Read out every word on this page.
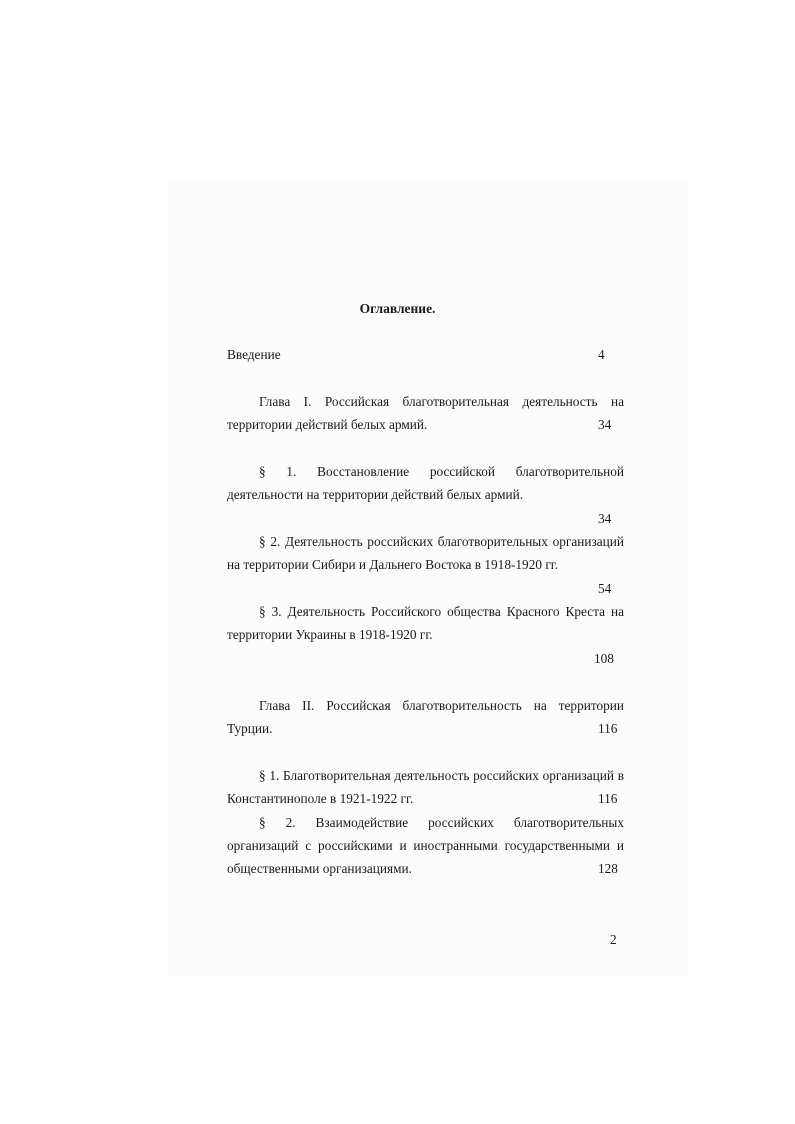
Оглавление.
Введение	4
Глава I. Российская благотворительная деятельность на
территории действий белых армий.	34
§ 1. Восстановление российской благотворительной
деятельности на территории действий белых армий.
34
§ 2. Деятельность российских благотворительных организаций
на территории Сибири и Дальнего Востока в 1918-1920 гг.
54
§ 3. Деятельность Российского общества Красного Креста на
территории Украины в 1918-1920 гг.
108
Глава II. Российская благотворительность на территории
Турции.	116
§ 1. Благотворительная деятельность российских организаций в
Константинополе в 1921-1922 гг.	116
§ 2. Взаимодействие российских благотворительных
организаций с российскими и иностранными государственными и
общественными организациями.	128
2
